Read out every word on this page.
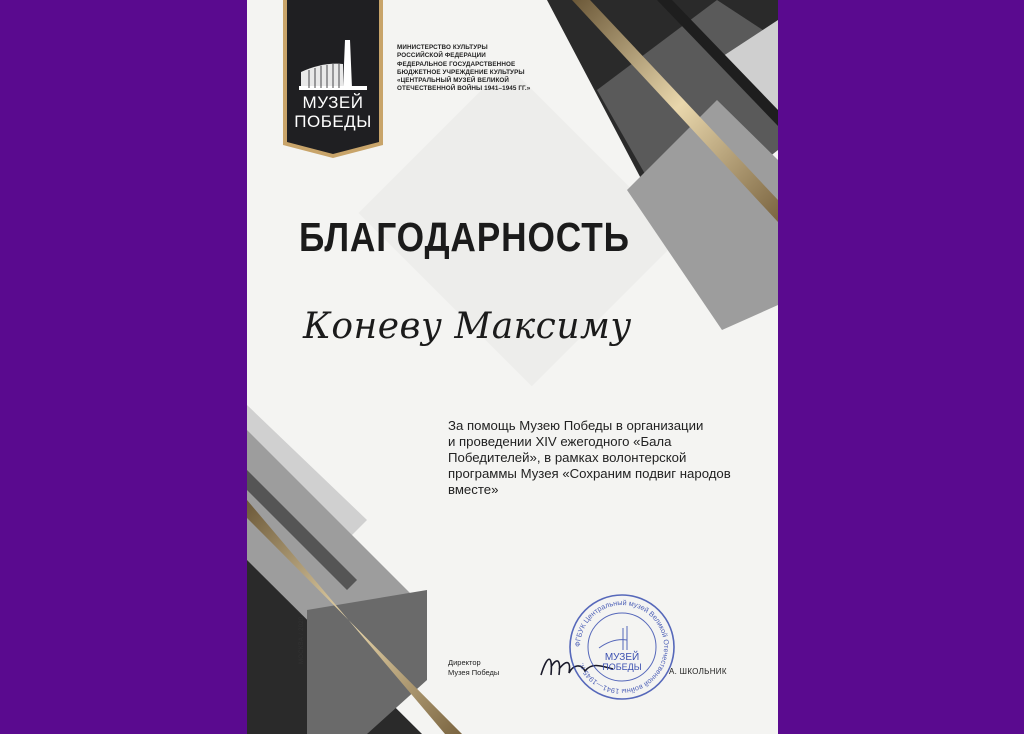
МУЗЕЙ
ПОБЕДЫ
МИНИСТЕРСТВО КУЛЬТУРЫ
РОССИЙСКОЙ ФЕДЕРАЦИИ
ФЕДЕРАЛЬНОЕ ГОСУДАРСТВЕННОЕ
БЮДЖЕТНОЕ УЧРЕЖДЕНИЕ КУЛЬТУРЫ
«ЦЕНТРАЛЬНЫЙ МУЗЕЙ ВЕЛИКОЙ
ОТЕЧЕСТВЕННОЙ ВОЙНЫ 1941–1945 ГГ.»
БЛАГОДАРНОСТЬ
Коневу Максиму
За помощь Музею Победы в организации
и проведении XIV ежегодного «Бала
Победителей», в рамках волонтерской
программы Музея «Сохраним подвиг народов
вместе»
МОСКВА / 2020	Директор
Музея Победы
ФГБУК Центральный музей Великой Отечественной войны 1941—1945 гг.
МУЗЕЙ
ПОБЕДЫ	А. ШКОЛЬНИК
